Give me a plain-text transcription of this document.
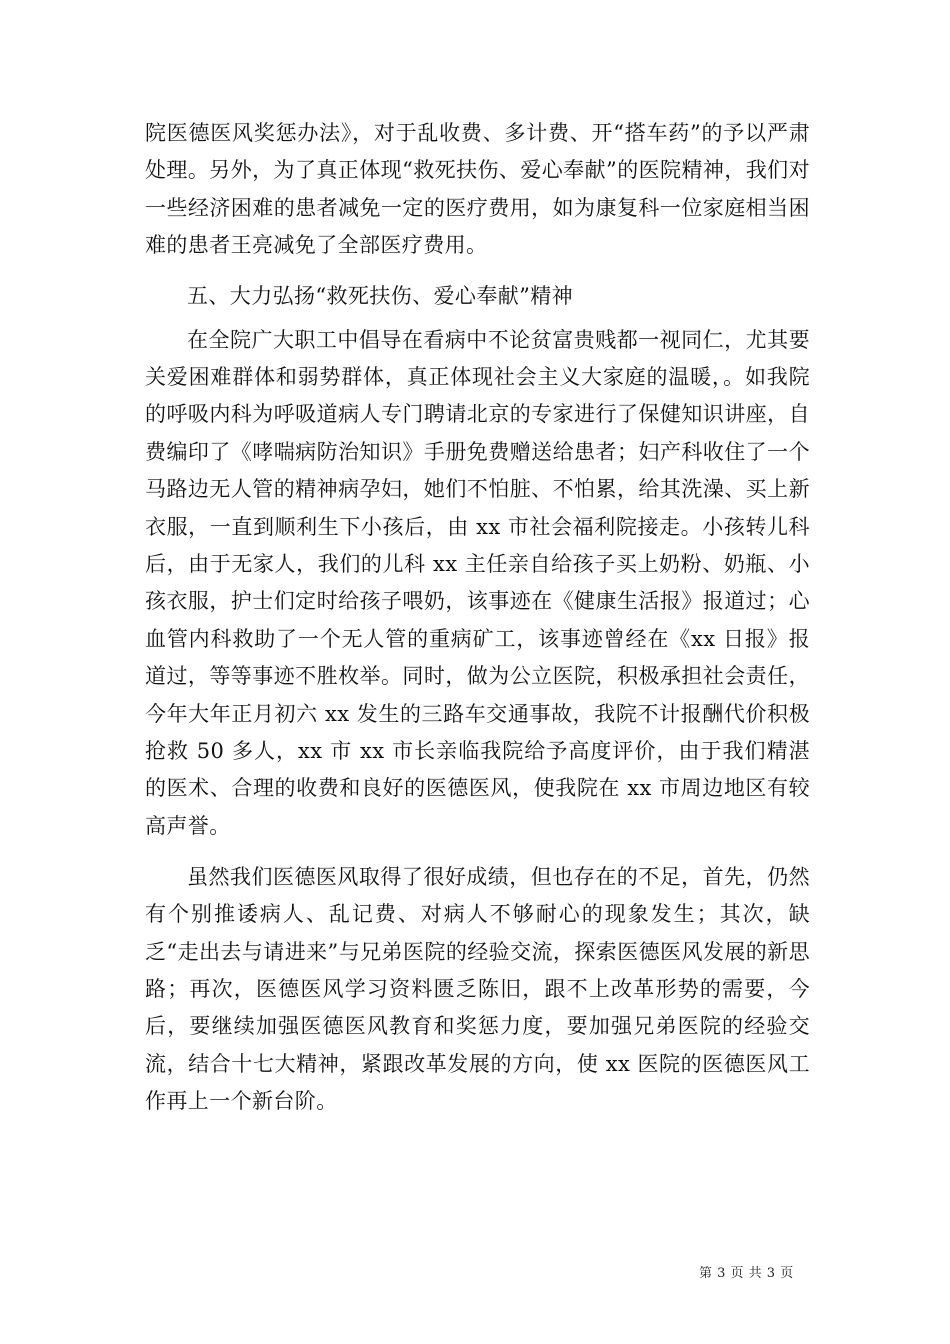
院医德医风奖惩办法》，对于乱收费、多计费、开“搭车药”的予以严肃处理。另外，为了真正体现“救死扶伤、爱心奉献”的医院精神，我们对一些经济困难的患者减免一定的医疗费用，如为康复科一位家庭相当困难的患者王亮减免了全部医疗费用。

五、大力弘扬“救死扶伤、爱心奉献”精神

在全院广大职工中倡导在看病中不论贫富贵贱都一视同仁，尤其要关爱困难群体和弱势群体，真正体现社会主义大家庭的温暖，。如我院的呼吸内科为呼吸道病人专门聘请北京的专家进行了保健知识讲座，自费编印了《哮喘病防治知识》手册免费赠送给患者；妇产科收住了一个马路边无人管的精神病孕妇，她们不怕脏、不怕累，给其洗澡、买上新衣服，一直到顺利生下小孩后，由 xx 市社会福利院接走。小孩转儿科后，由于无家人，我们的儿科 xx 主任亲自给孩子买上奶粉、奶瓶、小孩衣服，护士们定时给孩子喂奶，该事迹在《健康生活报》报道过；心血管内科救助了一个无人管的重病矿工，该事迹曾经在《xx 日报》报道过，等等事迹不胜枚举。同时，做为公立医院，积极承担社会责任，今年大年正月初六 xx 发生的三路车交通事故，我院不计报酬代价积极抢救 50 多人，xx 市 xx 市长亲临我院给予高度评价，由于我们精湛的医术、合理的收费和良好的医德医风，使我院在 xx 市周边地区有较高声誉。

虽然我们医德医风取得了很好成绩，但也存在的不足，首先，仍然有个别推诿病人、乱记费、对病人不够耐心的现象发生；其次，缺乏“走出去与请进来”与兄弟医院的经验交流，探索医德医风发展的新思路；再次，医德医风学习资料匮乏陈旧，跟不上改革形势的需要，今后，要继续加强医德医风教育和奖惩力度，要加强兄弟医院的经验交流，结合十七大精神，紧跟改革发展的方向，使 xx 医院的医德医风工作再上一个新台阶。

第 3 页 共 3 页
